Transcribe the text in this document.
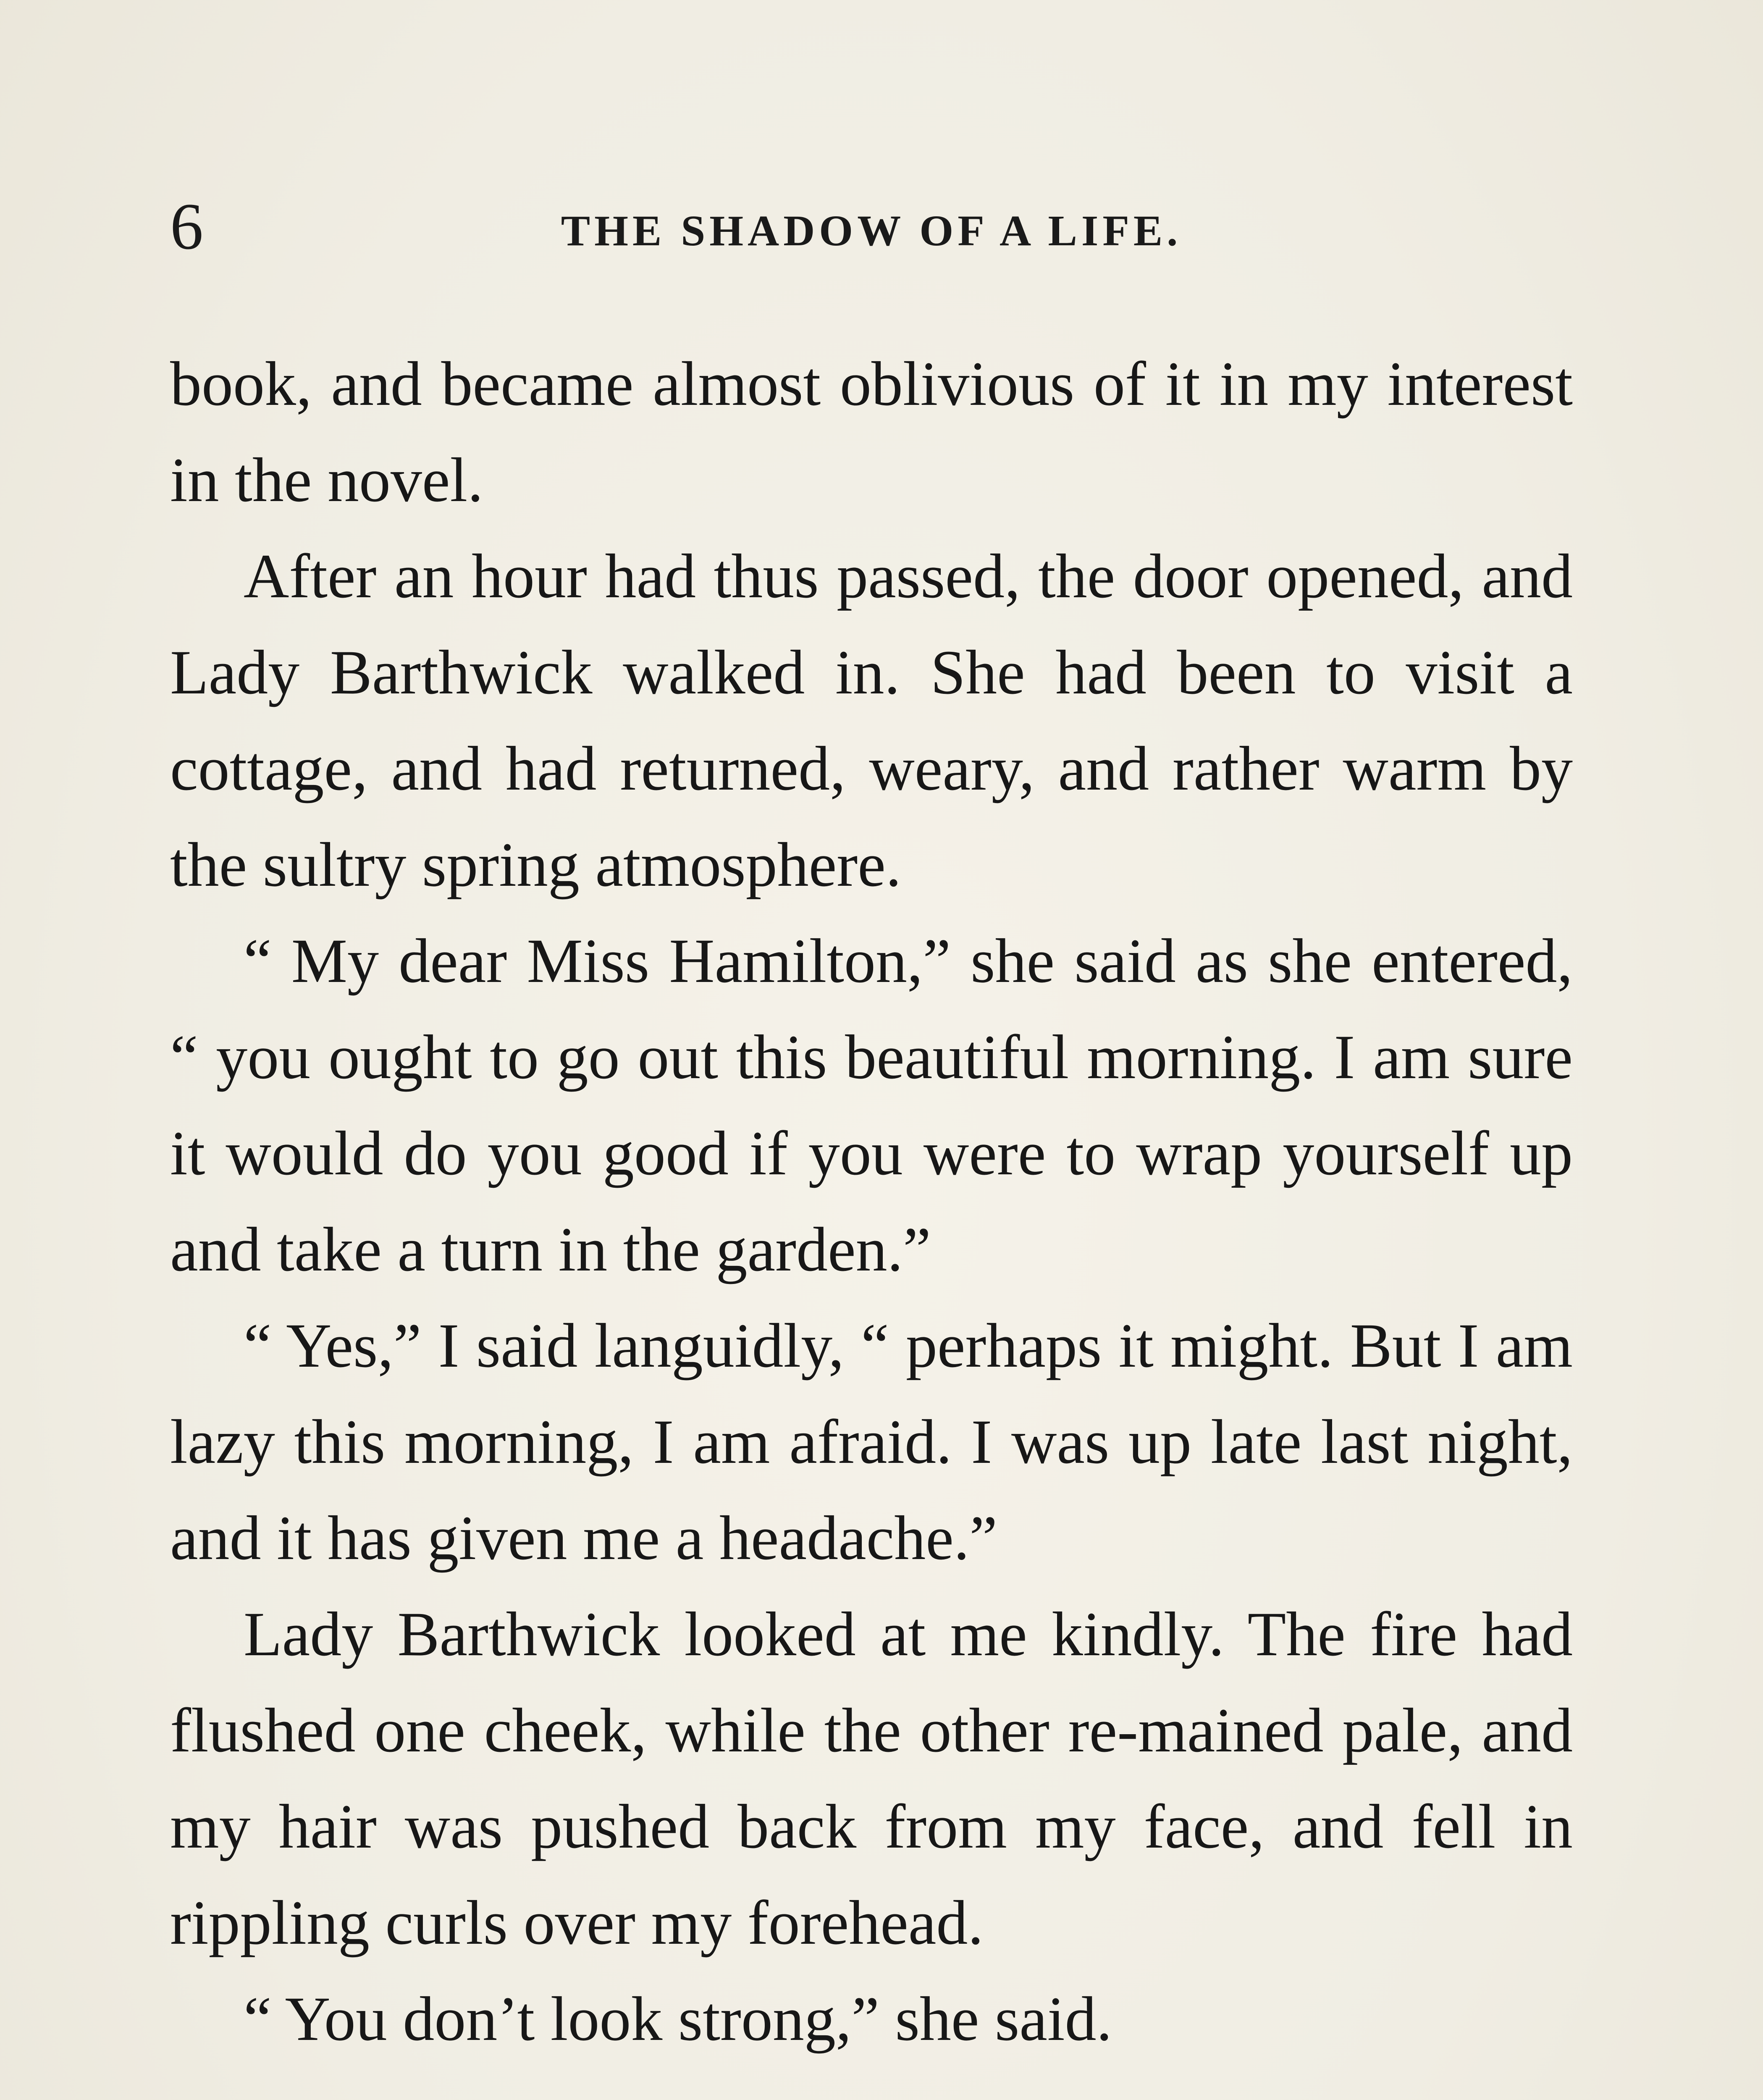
6	THE SHADOW OF A LIFE.

book, and became almost oblivious of it in my interest in the novel.

After an hour had thus passed, the door opened, and Lady Barthwick walked in. She had been to visit a cottage, and had returned, weary, and rather warm by the sultry spring atmosphere.

“ My dear Miss Hamilton,” she said as she entered, “ you ought to go out this beautiful morning. I am sure it would do you good if you were to wrap yourself up and take a turn in the garden.”

“ Yes,” I said languidly, “ perhaps it might. But I am lazy this morning, I am afraid. I was up late last night, and it has given me a headache.”

Lady Barthwick looked at me kindly. The fire had flushed one cheek, while the other re-mained pale, and my hair was pushed back from my face, and fell in rippling curls over my forehead.

“ You don’t look strong,” she said.
